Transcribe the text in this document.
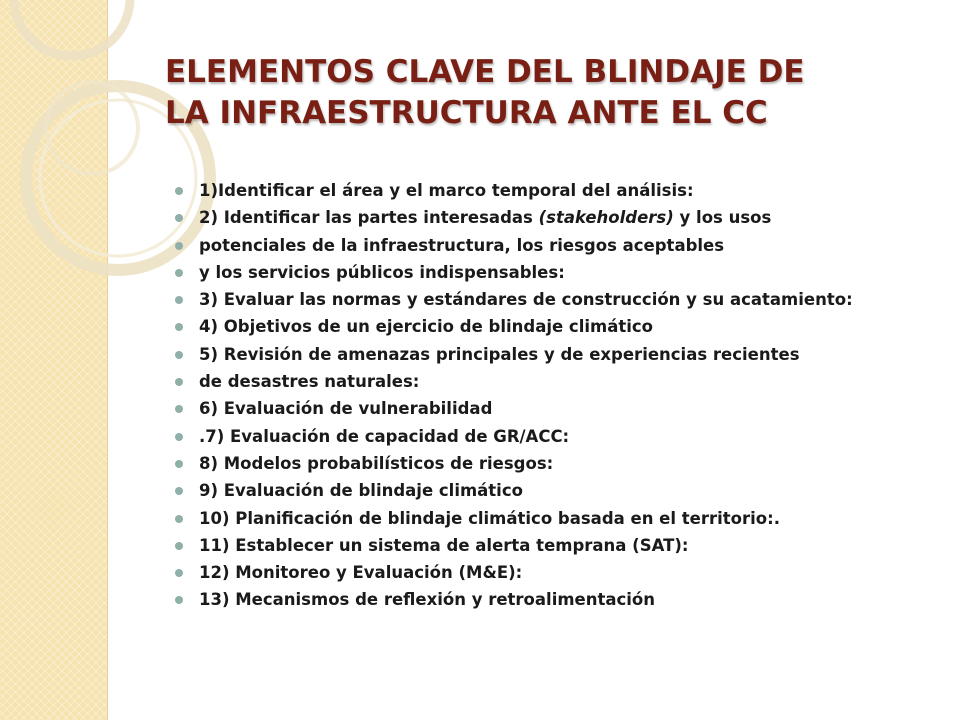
ELEMENTOS CLAVE DEL BLINDAJE DE
LA INFRAESTRUCTURA ANTE EL CC
1)Identificar el área y el marco temporal del análisis:
2) Identificar las partes interesadas (stakeholders) y los usos
potenciales de la infraestructura, los riesgos aceptables
y los servicios públicos indispensables:
3) Evaluar las normas y estándares de construcción y su acatamiento:
4) Objetivos de un ejercicio de blindaje climático
5) Revisión de amenazas principales y de experiencias recientes
de desastres naturales:
6) Evaluación de vulnerabilidad
.7) Evaluación de capacidad de GR/ACC:
8) Modelos probabilísticos de riesgos:
9) Evaluación de blindaje climático
10) Planificación de blindaje climático basada en el territorio:.
11) Establecer un sistema de alerta temprana (SAT):
12) Monitoreo y Evaluación (M&E):
13) Mecanismos de reflexión y retroalimentación
